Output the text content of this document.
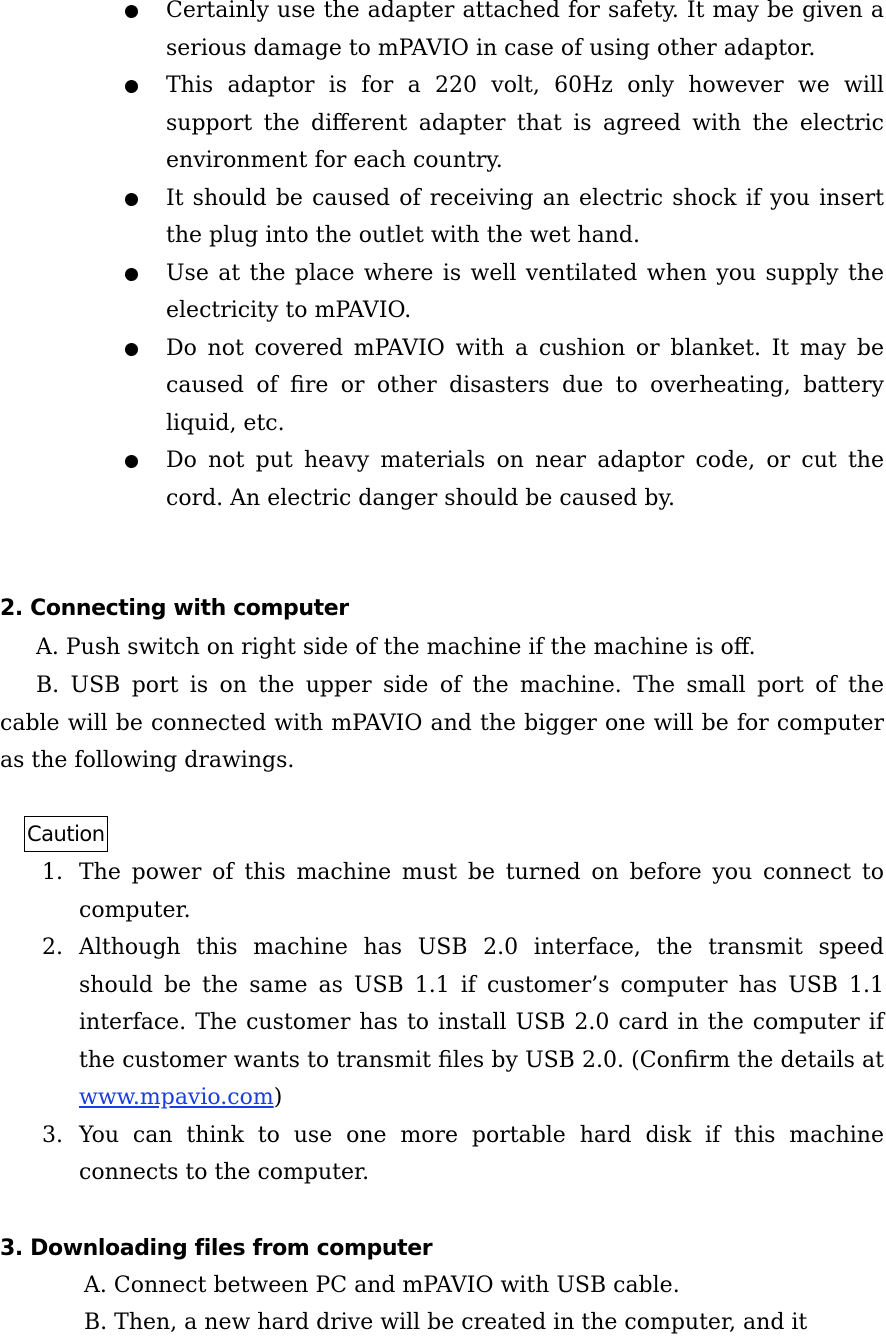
Certainly use the adapter attached for safety. It may be given a serious damage to mPAVIO in case of using other adaptor.
This adaptor is for a 220 volt, 60Hz only however we will support the different adapter that is agreed with the electric environment for each country.
It should be caused of receiving an electric shock if you insert the plug into the outlet with the wet hand.
Use at the place where is well ventilated when you supply the electricity to mPAVIO.
Do not covered mPAVIO with a cushion or blanket. It may be caused of fire or other disasters due to overheating, battery liquid, etc.
Do not put heavy materials on near adaptor code, or cut the cord. An electric danger should be caused by.
2. Connecting with computer
A. Push switch on right side of the machine if the machine is off.
B. USB port is on the upper side of the machine. The small port of the cable will be connected with mPAVIO and the bigger one will be for computer as the following drawings.
Caution
1. The power of this machine must be turned on before you connect to computer.
2. Although this machine has USB 2.0 interface, the transmit speed should be the same as USB 1.1 if customer’s computer has USB 1.1 interface. The customer has to install USB 2.0 card in the computer if the customer wants to transmit files by USB 2.0. (Confirm the details at www.mpavio.com)
3. You can think to use one more portable hard disk if this machine connects to the computer.
3. Downloading files from computer
A. Connect between PC and mPAVIO with USB cable.
B. Then, a new hard drive will be created in the computer, and it
